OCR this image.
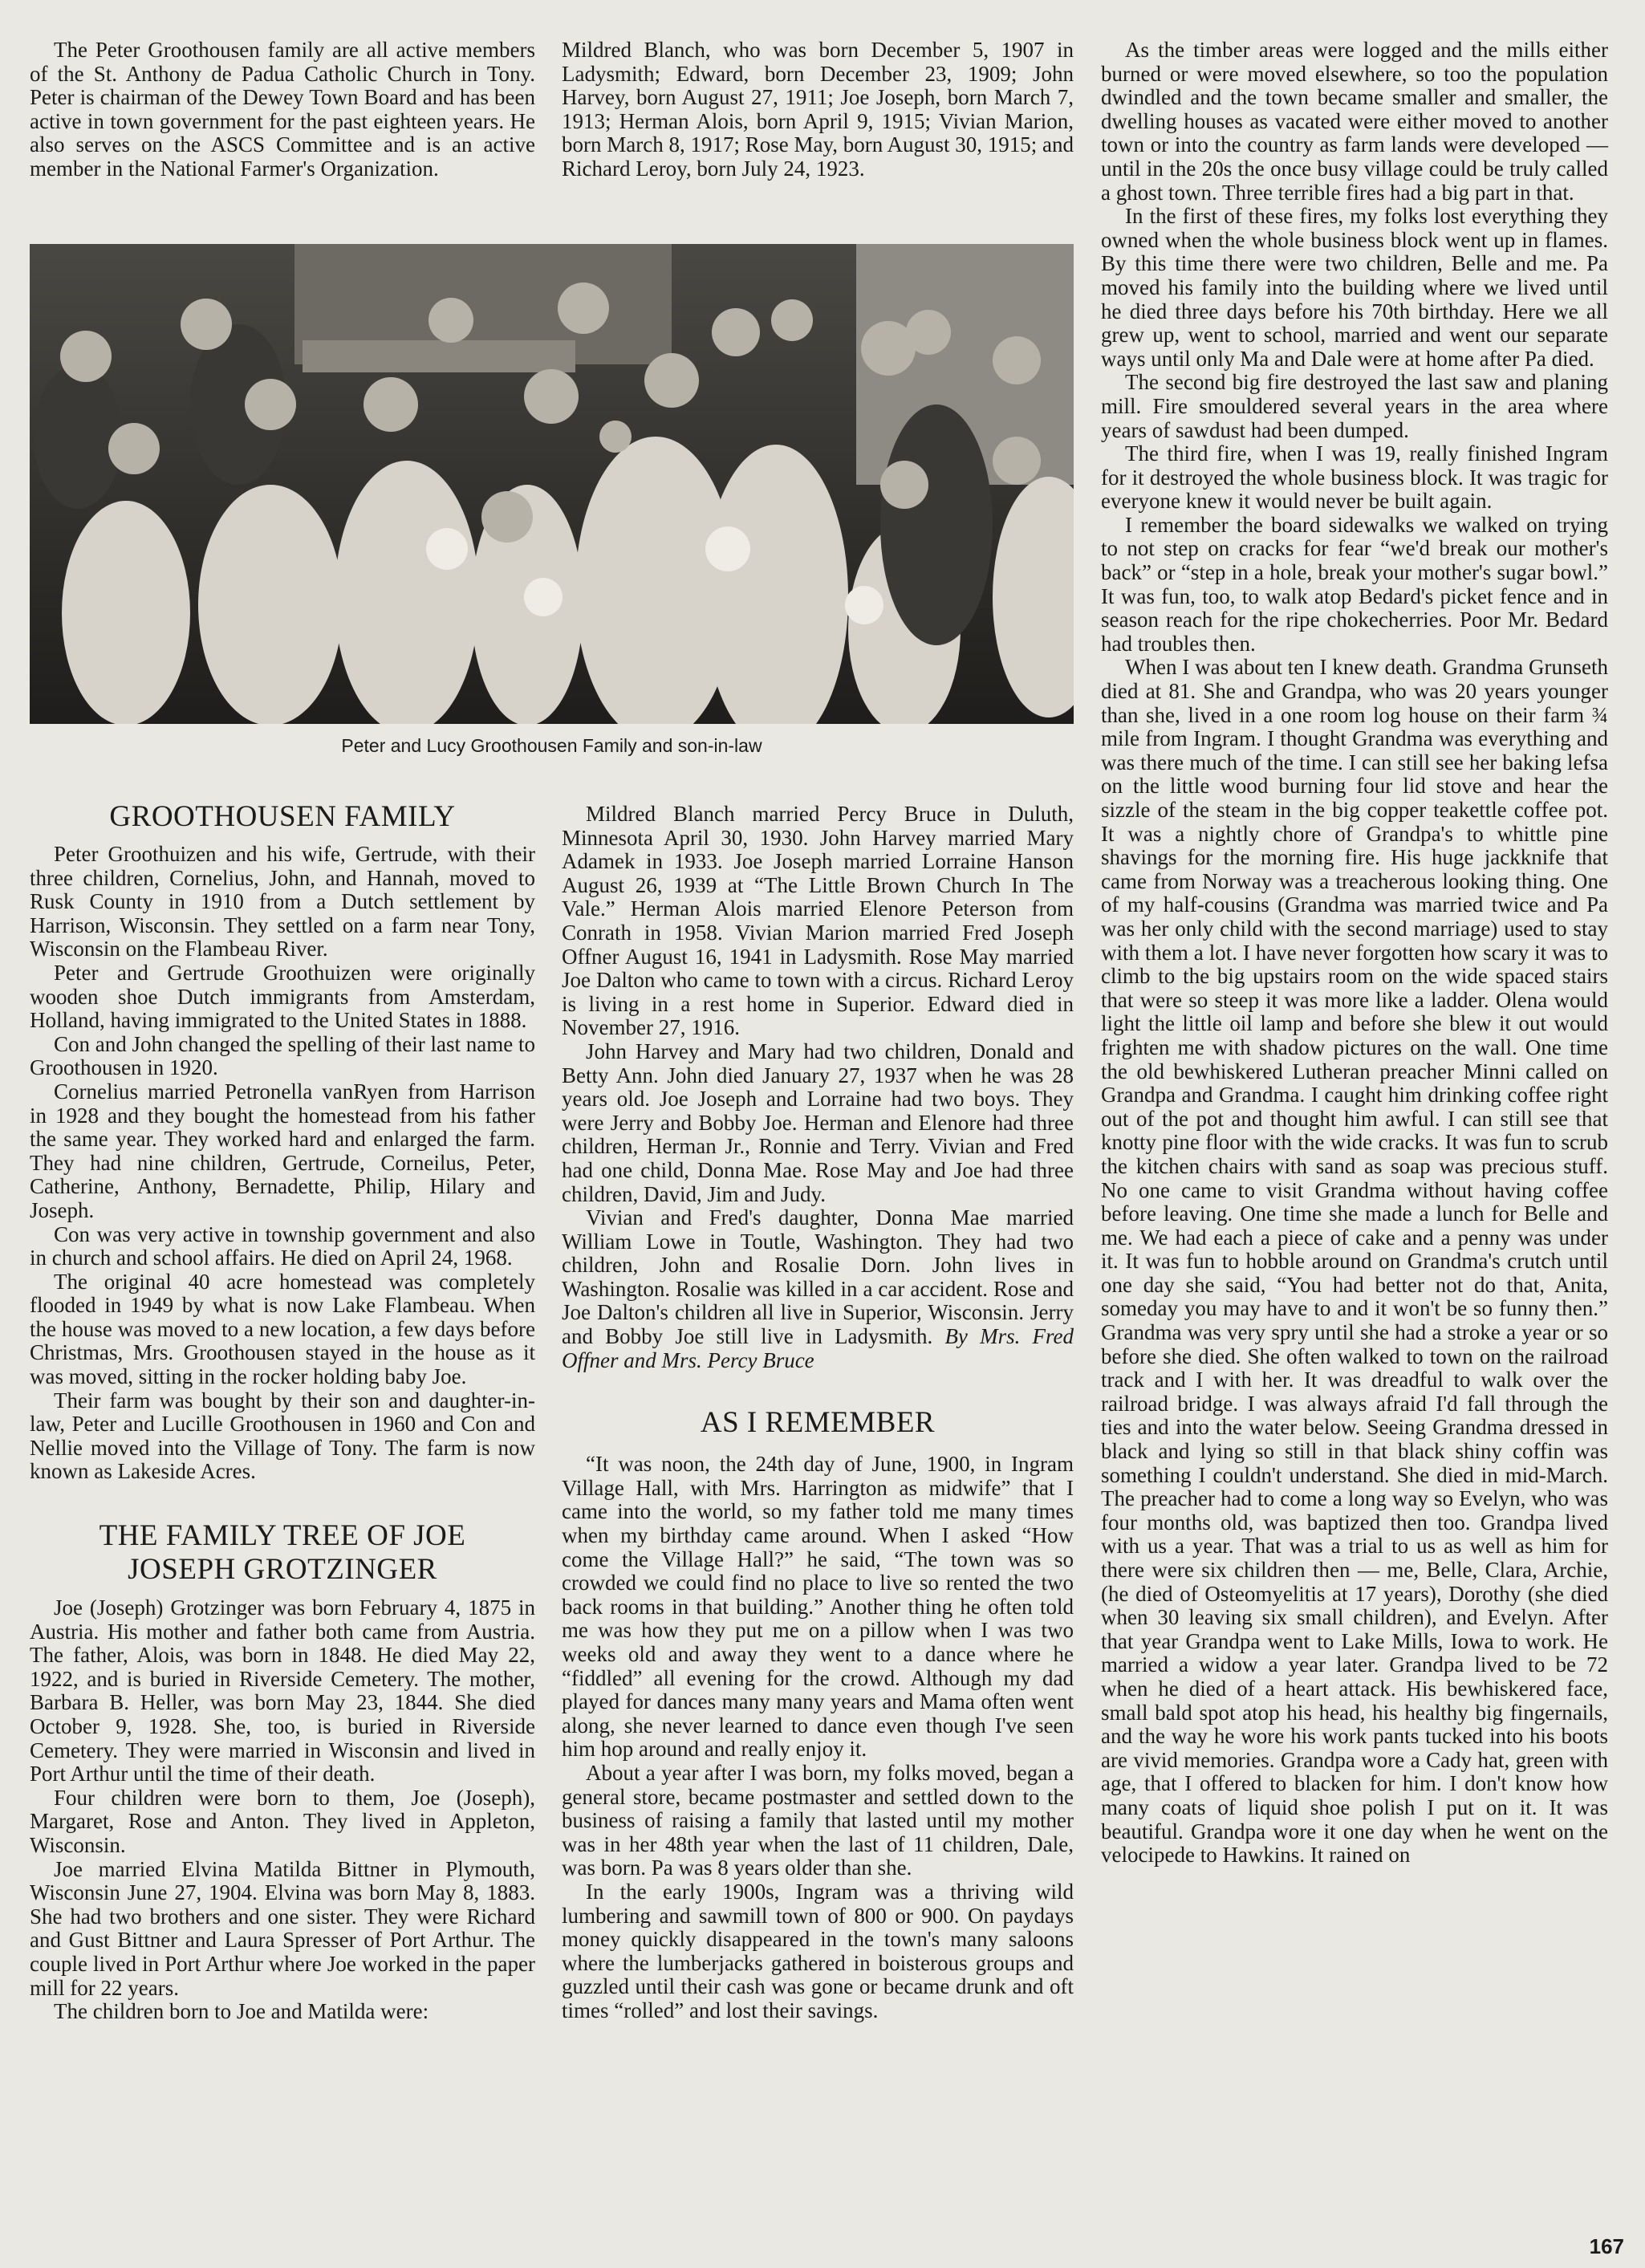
The Peter Groothousen family are all active members of the St. Anthony de Padua Catholic Church in Tony. Peter is chairman of the Dewey Town Board and has been active in town government for the past eighteen years. He also serves on the ASCS Committee and is an active member in the National Farmer's Organization.

Mildred Blanch, who was born December 5, 1907 in Ladysmith; Edward, born December 23, 1909; John Harvey, born August 27, 1911; Joe Joseph, born March 7, 1913; Herman Alois, born April 9, 1915; Vivian Marion, born March 8, 1917; Rose May, born August 30, 1915; and Richard Leroy, born July 24, 1923.

Peter and Lucy Groothousen Family and son-in-law
GROOTHOUSEN FAMILY

Peter Groothuizen and his wife, Gertrude, with their three children, Cornelius, John, and Hannah, moved to Rusk County in 1910 from a Dutch settlement by Harrison, Wisconsin. They settled on a farm near Tony, Wisconsin on the Flambeau River.

Peter and Gertrude Groothuizen were originally wooden shoe Dutch immigrants from Amsterdam, Holland, having immigrated to the United States in 1888.

Con and John changed the spelling of their last name to Groothousen in 1920.

Cornelius married Petronella vanRyen from Harrison in 1928 and they bought the homestead from his father the same year. They worked hard and enlarged the farm. They had nine children, Gertrude, Corneilus, Peter, Catherine, Anthony, Bernadette, Philip, Hilary and Joseph.

Con was very active in township government and also in church and school affairs. He died on April 24, 1968.

The original 40 acre homestead was completely flooded in 1949 by what is now Lake Flambeau. When the house was moved to a new location, a few days before Christmas, Mrs. Groothousen stayed in the house as it was moved, sitting in the rocker holding baby Joe.

Their farm was bought by their son and daughter-in-law, Peter and Lucille Groothousen in 1960 and Con and Nellie moved into the Village of Tony. The farm is now known as Lakeside Acres.

THE FAMILY TREE OF JOE JOSEPH GROTZINGER

Joe (Joseph) Grotzinger was born February 4, 1875 in Austria. His mother and father both came from Austria. The father, Alois, was born in 1848. He died May 22, 1922, and is buried in Riverside Cemetery. The mother, Barbara B. Heller, was born May 23, 1844. She died October 9, 1928. She, too, is buried in Riverside Cemetery. They were married in Wisconsin and lived in Port Arthur until the time of their death.

Four children were born to them, Joe (Joseph), Margaret, Rose and Anton. They lived in Appleton, Wisconsin.

Joe married Elvina Matilda Bittner in Plymouth, Wisconsin June 27, 1904. Elvina was born May 8, 1883. She had two brothers and one sister. They were Richard and Gust Bittner and Laura Spresser of Port Arthur. The couple lived in Port Arthur where Joe worked in the paper mill for 22 years.

The children born to Joe and Matilda were:

Mildred Blanch married Percy Bruce in Duluth, Minnesota April 30, 1930. John Harvey married Mary Adamek in 1933. Joe Joseph married Lorraine Hanson August 26, 1939 at “The Little Brown Church In The Vale.” Herman Alois married Elenore Peterson from Conrath in 1958. Vivian Marion married Fred Joseph Offner August 16, 1941 in Ladysmith. Rose May married Joe Dalton who came to town with a circus. Richard Leroy is living in a rest home in Superior. Edward died in November 27, 1916.

John Harvey and Mary had two children, Donald and Betty Ann. John died January 27, 1937 when he was 28 years old. Joe Joseph and Lorraine had two boys. They were Jerry and Bobby Joe. Herman and Elenore had three children, Herman Jr., Ronnie and Terry. Vivian and Fred had one child, Donna Mae. Rose May and Joe had three children, David, Jim and Judy.

Vivian and Fred's daughter, Donna Mae married William Lowe in Toutle, Washington. They had two children, John and Rosalie Dorn. John lives in Washington. Rosalie was killed in a car accident. Rose and Joe Dalton's children all live in Superior, Wisconsin. Jerry and Bobby Joe still live in Ladysmith. By Mrs. Fred Offner and Mrs. Percy Bruce

AS I REMEMBER

“It was noon, the 24th day of June, 1900, in Ingram Village Hall, with Mrs. Harrington as midwife” that I came into the world, so my father told me many times when my birthday came around. When I asked “How come the Village Hall?” he said, “The town was so crowded we could find no place to live so rented the two back rooms in that building.” Another thing he often told me was how they put me on a pillow when I was two weeks old and away they went to a dance where he “fiddled” all evening for the crowd. Although my dad played for dances many many years and Mama often went along, she never learned to dance even though I've seen him hop around and really enjoy it.

About a year after I was born, my folks moved, began a general store, became postmaster and settled down to the business of raising a family that lasted until my mother was in her 48th year when the last of 11 children, Dale, was born. Pa was 8 years older than she.

In the early 1900s, Ingram was a thriving wild lumbering and sawmill town of 800 or 900. On paydays money quickly disappeared in the town's many saloons where the lumberjacks gathered in boisterous groups and guzzled until their cash was gone or became drunk and oft times “rolled” and lost their savings.

As the timber areas were logged and the mills either burned or were moved elsewhere, so too the population dwindled and the town became smaller and smaller, the dwelling houses as vacated were either moved to another town or into the country as farm lands were developed — until in the 20s the once busy village could be truly called a ghost town. Three terrible fires had a big part in that.

In the first of these fires, my folks lost everything they owned when the whole business block went up in flames. By this time there were two children, Belle and me. Pa moved his family into the building where we lived until he died three days before his 70th birthday. Here we all grew up, went to school, married and went our separate ways until only Ma and Dale were at home after Pa died.

The second big fire destroyed the last saw and planing mill. Fire smouldered several years in the area where years of sawdust had been dumped.

The third fire, when I was 19, really finished Ingram for it destroyed the whole business block. It was tragic for everyone knew it would never be built again.

I remember the board sidewalks we walked on trying to not step on cracks for fear “we'd break our mother's back” or “step in a hole, break your mother's sugar bowl.” It was fun, too, to walk atop Bedard's picket fence and in season reach for the ripe chokecherries. Poor Mr. Bedard had troubles then.

When I was about ten I knew death. Grandma Grunseth died at 81. She and Grandpa, who was 20 years younger than she, lived in a one room log house on their farm ¾ mile from Ingram. I thought Grandma was everything and was there much of the time. I can still see her baking lefsa on the little wood burning four lid stove and hear the sizzle of the steam in the big copper teakettle coffee pot. It was a nightly chore of Grandpa's to whittle pine shavings for the morning fire. His huge jackknife that came from Norway was a treacherous looking thing. One of my half-cousins (Grandma was married twice and Pa was her only child with the second marriage) used to stay with them a lot. I have never forgotten how scary it was to climb to the big upstairs room on the wide spaced stairs that were so steep it was more like a ladder. Olena would light the little oil lamp and before she blew it out would frighten me with shadow pictures on the wall. One time the old bewhiskered Lutheran preacher Minni called on Grandpa and Grandma. I caught him drinking coffee right out of the pot and thought him awful. I can still see that knotty pine floor with the wide cracks. It was fun to scrub the kitchen chairs with sand as soap was precious stuff. No one came to visit Grandma without having coffee before leaving. One time she made a lunch for Belle and me. We had each a piece of cake and a penny was under it. It was fun to hobble around on Grandma's crutch until one day she said, “You had better not do that, Anita, someday you may have to and it won't be so funny then.” Grandma was very spry until she had a stroke a year or so before she died. She often walked to town on the railroad track and I with her. It was dreadful to walk over the railroad bridge. I was always afraid I'd fall through the ties and into the water below. Seeing Grandma dressed in black and lying so still in that black shiny coffin was something I couldn't understand. She died in mid-March. The preacher had to come a long way so Evelyn, who was four months old, was baptized then too. Grandpa lived with us a year. That was a trial to us as well as him for there were six children then — me, Belle, Clara, Archie, (he died of Osteomyelitis at 17 years), Dorothy (she died when 30 leaving six small children), and Evelyn. After that year Grandpa went to Lake Mills, Iowa to work. He married a widow a year later. Grandpa lived to be 72 when he died of a heart attack. His bewhiskered face, small bald spot atop his head, his healthy big fingernails, and the way he wore his work pants tucked into his boots are vivid memories. Grandpa wore a Cady hat, green with age, that I offered to blacken for him. I don't know how many coats of liquid shoe polish I put on it. It was beautiful. Grandpa wore it one day when he went on the velocipede to Hawkins. It rained on

167
